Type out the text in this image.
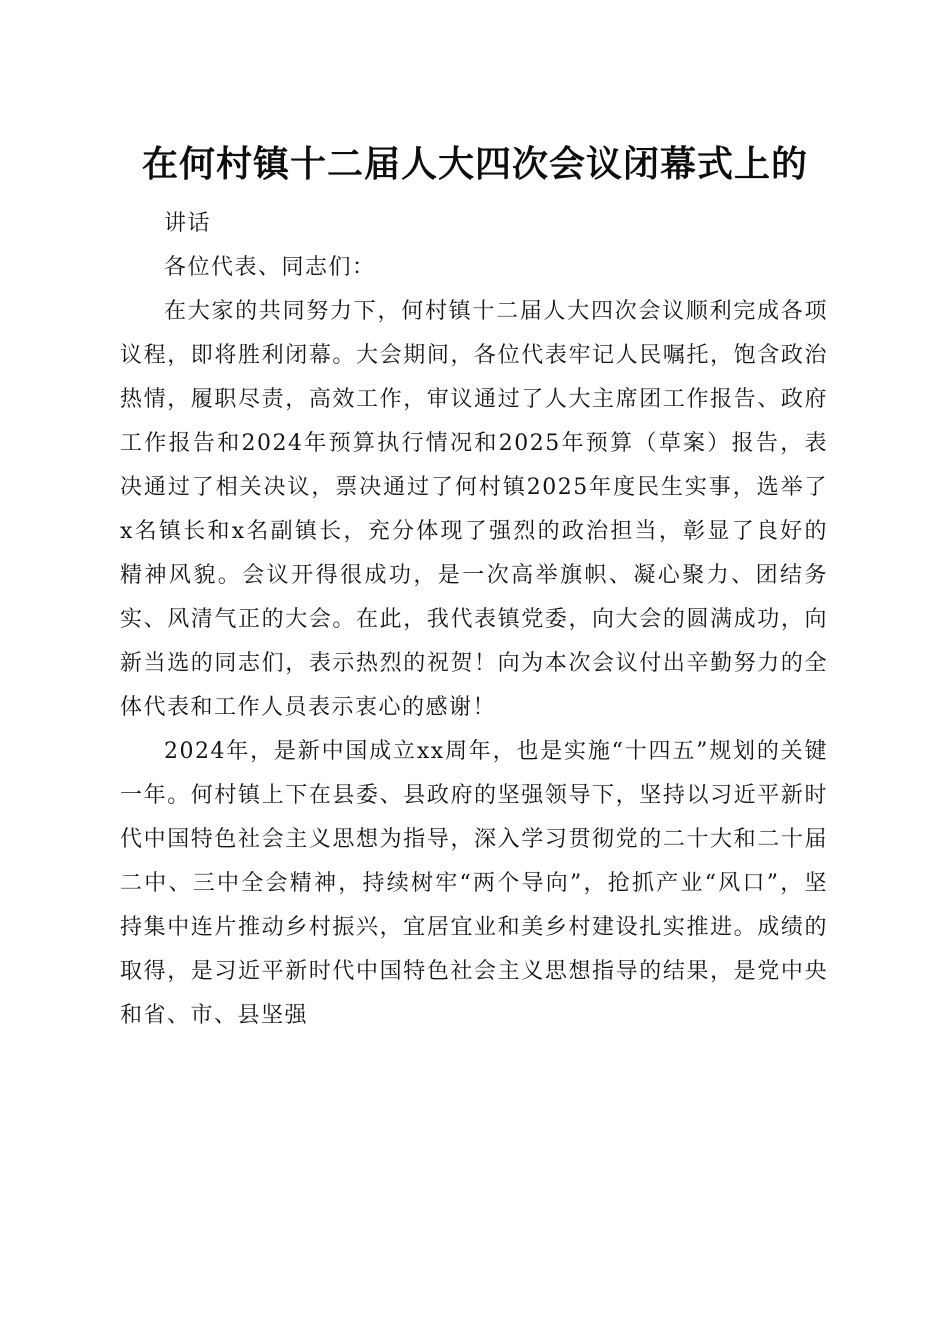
在何村镇十二届人大四次会议闭幕式上的

讲话

各位代表、同志们：

在大家的共同努力下，何村镇十二届人大四次会议顺利完成各项议程，即将胜利闭幕。大会期间，各位代表牢记人民嘱托，饱含政治热情，履职尽责，高效工作，审议通过了人大主席团工作报告、政府工作报告和2024年预算执行情况和2025年预算（草案）报告，表决通过了相关决议，票决通过了何村镇2025年度民生实事，选举了x名镇长和x名副镇长，充分体现了强烈的政治担当，彰显了良好的精神风貌。会议开得很成功，是一次高举旗帜、凝心聚力、团结务实、风清气正的大会。在此，我代表镇党委，向大会的圆满成功，向新当选的同志们，表示热烈的祝贺！向为本次会议付出辛勤努力的全体代表和工作人员表示衷心的感谢！

2024年，是新中国成立xx周年，也是实施“十四五”规划的关键一年。何村镇上下在县委、县政府的坚强领导下，坚持以习近平新时代中国特色社会主义思想为指导，深入学习贯彻党的二十大和二十届二中、三中全会精神，持续树牢“两个导向”，抢抓产业“风口”，坚持集中连片推动乡村振兴，宜居宜业和美乡村建设扎实推进。成绩的取得，是习近平新时代中国特色社会主义思想指导的结果，是党中央和省、市、县坚强
